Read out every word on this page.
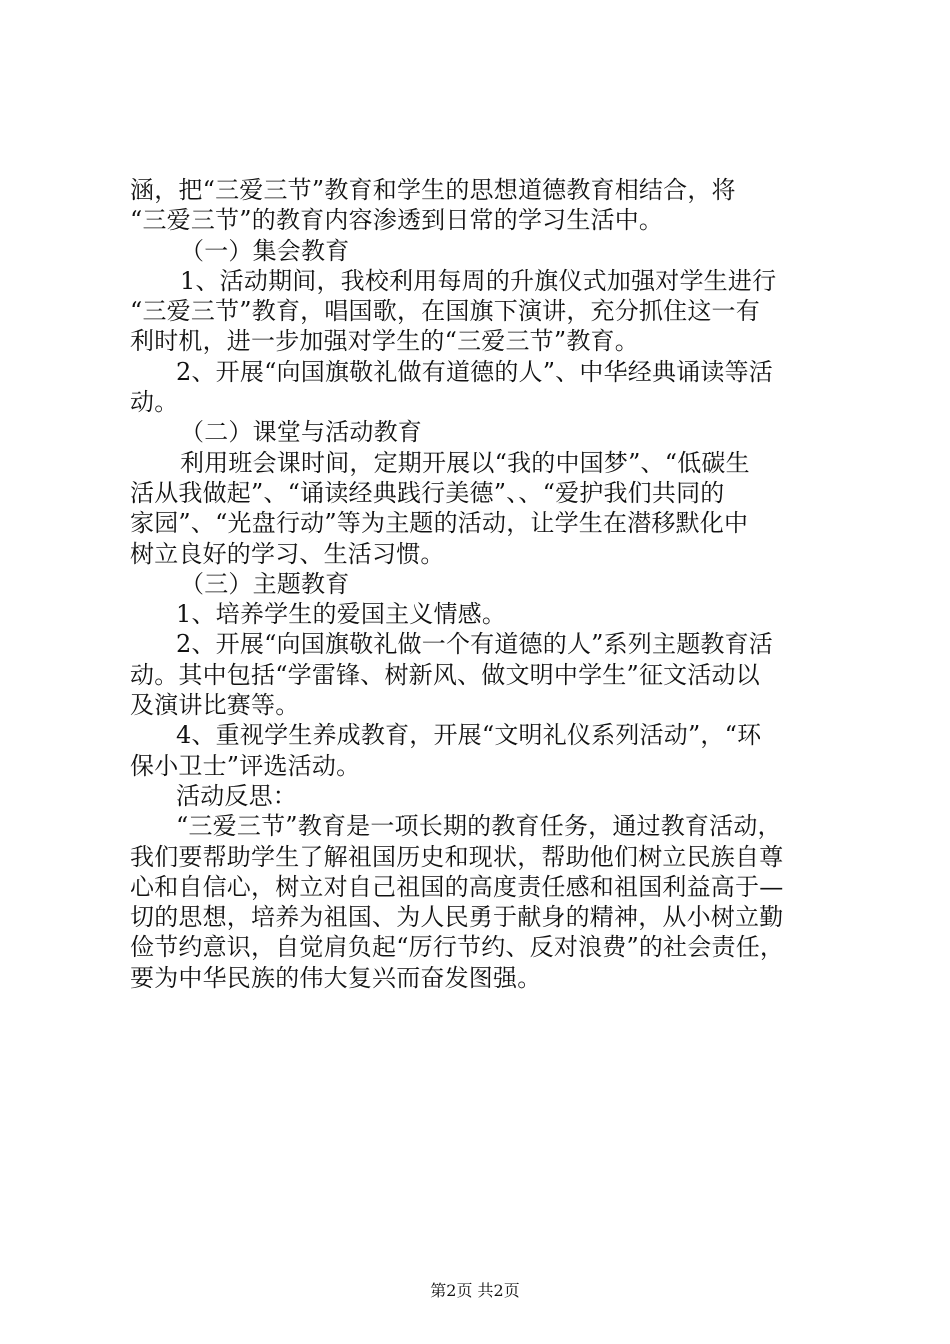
涵，把“三爱三节”教育和学生的思想道德教育相结合，将
“三爱三节”的教育内容渗透到日常的学习生活中。
（一）集会教育
1、活动期间，我校利用每周的升旗仪式加强对学生进行
“三爱三节”教育，唱国歌，在国旗下演讲，充分抓住这一有
利时机，进一步加强对学生的“三爱三节”教育。
2、开展“向国旗敬礼做有道德的人”、中华经典诵读等活
动。
（二）课堂与活动教育
利用班会课时间，定期开展以“我的中国梦”、“低碳生
活从我做起”、“诵读经典践行美德”、、“爱护我们共同的
家园”、“光盘行动”等为主题的活动，让学生在潜移默化中
树立良好的学习、生活习惯。
（三）主题教育
1、培养学生的爱国主义情感。
2、开展“向国旗敬礼做一个有道德的人”系列主题教育活
动。其中包括“学雷锋、树新风、做文明中学生”征文活动以
及演讲比赛等。
4、重视学生养成教育，开展“文明礼仪系列活动”，“环
保小卫士”评选活动。
活动反思：
“三爱三节”教育是一项长期的教育任务，通过教育活动，
我们要帮助学生了解祖国历史和现状，帮助他们树立民族自尊
心和自信心，树立对自己祖国的高度责任感和祖国利益高于—
切的思想，培养为祖国、为人民勇于献身的精神，从小树立勤
俭节约意识，自觉肩负起“厉行节约、反对浪费”的社会责任，
要为中华民族的伟大复兴而奋发图强。
第2页 共2页
